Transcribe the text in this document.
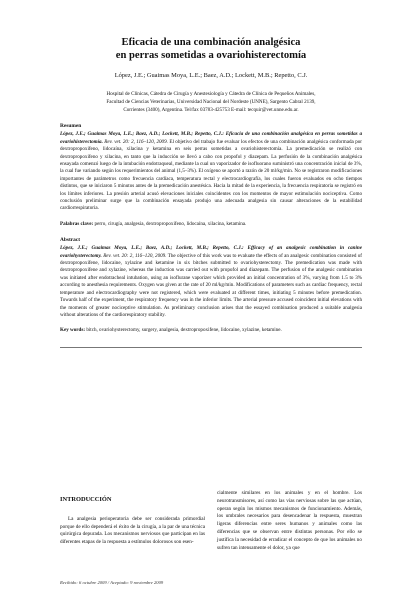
Eficacia de una combinación analgésica
en perras sometidas a ovariohisterectomía
López, J.E.; Guaimas Moya, L.E.; Baez, A.D.; Lockett, M.B.; Repetto, C.J.
Hospital de Clínicas, Cátedra de Cirugía y Anestesiología y Cátedra de Clínica de Pequeños Animales,
Facultad de Ciencias Veterinarias, Universidad Nacional del Nordeste (UNNE), Sargento Cabral 2139,
Corrientes (3400), Argentina. Tel/fax 03783-425753 E-mail: tecquir@vet.unne.edu.ar.
Resumen
López, J.E.; Guaimas Moya, L.E.; Baez, A.D.; Lockett, M.B.; Repetto, C.J.: Eficacia de una combinación analgésica en perras sometidas a ovariohisterectomía. Rev. vet. 20: 2, 116–120, 2009. El objetivo del trabajo fue evaluar los efectos de una combinación analgésica conformada por dextropropoxifeno, lidocaína, xilacina y ketamina en seis perras sometidas a ovariohisterectomía. La premedicación se realizó con dextropropoxifeno y xilacina, en tanto que la inducción se llevó a cabo con propofol y diazepam. La perfusión de la combinación analgésica ensayada comenzó luego de la intubación endotraqueal, mediante la cual un vaporizador de isofluorano suministró una concentración inicial de 3%, la cual fue variando según los requerimientos del animal (1,5–3%). El oxígeno se aportó a razón de 20 ml/kg/min. No se registraron modificaciones importantes de parámetros como frecuencia cardíaca, temperatura rectal y electrocardiografía, los cuales fueron evaluados en ocho tiempos distintos, que se iniciaron 5 minutos antes de la premedicación anestésica. Hacia la mitad de la experiencia, la frecuencia respiratoria se registró en los límites inferiores. La presión arterial acusó elevaciones iniciales coincidentes con los momentos de mayor estimulación nociceptiva. Como conclusión preliminar surge que la combinación ensayada produjo una adecuada analgesia sin causar alteraciones de la estabilidad cardiorrespiratoria.
Palabras clave: perro, cirugía, analgesia, dextropropoxifeno, lidocaína, xilacina, ketamina.
Abstract
López, J.E.; Guaimas Moya, L.E.; Baez, A.D.; Lockett, M.B.; Repetto, C.J.: Efficacy of an analgesic combination in canine ovariohysterectomy. Rev. vet. 20: 2, 116–120, 2009. The objective of this work was to evaluate the effects of an analgesic combination consisted of dextropropoxifene, lidocaine, xylazine and ketamine in six bitches submitted to ovariohysterectomy. The premedication was made with dextropropoxifene and xylazine, whereas the induction was carried out with propofol and diazepam. The perfusion of the analgesic combination was initiated after endotracheal intubation, using an isoflurane vaporizer which provided an initial concentration of 3%, varying from 1.5 to 3% according to anesthesia requirements. Oxygen was given at the rate of 20 ml/kg/min. Modifications of parameters such as cardiac frequency, rectal temperature and electrocardiography were not registered, which were evaluated at different times, initiating 5 minutes before premedication. Towards half of the experiment, the respiratory frequency was in the inferior limits. The arterial pressure accused coincident initial elevations with the moments of greater nociceptive stimulation. As preliminary conclusion arises that the essayed combination produced a suitable analgesia without alterations of the cardiorespiratory stability.
Key words: bitch, ovariohysterectomy, surgery, analgesia, dextropropoxifene, lidocaine, xylazine, ketamine.
INTRODUCCIÓN

La analgesia perioperatoria debe ser considerada primordial porque de ello dependerá el éxito de la cirugía, a la par de una técnica quirúrgica depurada. Los mecanismos nerviosos que participan en las diferentes etapas de la respuesta a estímulos dolorosos son esen-

cialmente similares en los animales y en el hombre. Los neurotransmisores, así como las vías nerviosas sobre las que actúan, operan según los mismos mecanismos de funcionamiento. Además, los umbrales necesarios para desencadenar la respuesta, muestran ligeras diferencias entre seres humanos y animales como las diferencias que se observan entre distintas personas. Por ello se justifica la necesidad de erradicar el concepto de que los animales no sufren tan intensamente el dolor, ya que

Recibido: 6 octubre 2009 / Aceptado: 9 noviembre 2009
